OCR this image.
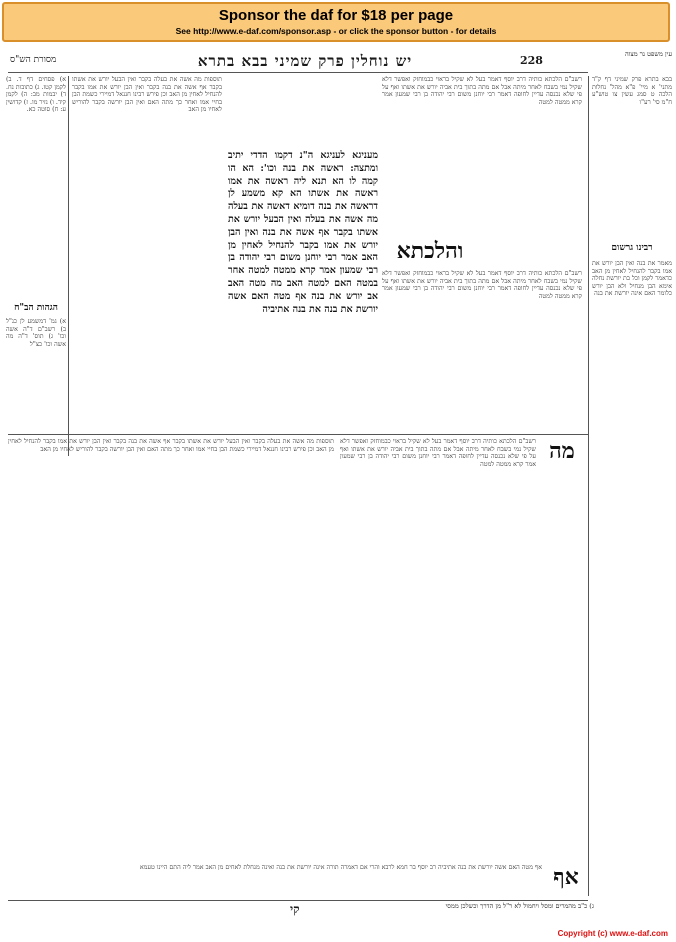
Sponsor the daf for $18 per page
See http://www.e-daf.com/sponsor.asp - or click the sponsor button - for details
מסורת הש"ס	יש נוחלין פרק שמיני בבא בתרא	228	עין משפט נר מצוה
א) פסחים דף ד. ב) לקמן קטז. ג) כתובות נח. ד) יבמות מב: ה) לקמן קיד. ו) נזיר מו. ז) קדושין ע: ח) סוטה כא.
הגהות הב"ח
א) גמ' דמשמע לן כנ"ל ב) רשב"ם ד"ה אשה וכו' ג) תוס' ד"ה מה אשה וכו' כצ"ל
תוספות מה אשה את בעלה בקבר ואין הבעל יורש את אשתו בקבר אף אשה את בנה בקבר ואין הבן יורש את אמו בקבר להנחיל לאחין מן האב וכן פירש רבינו חננאל דמיירי כשמת הבן בחיי אמו ואחר כך מתה האם ואין הבן יורשה בקבר להוריש לאחיו מן האב
מעניגא לעניגא ה"נ דקמו הדדי יתיב ומתצה: ראשה את בנה וכו': הא הו קמה לו הא תנא ליה ראשה את אמו ראשה את אשתו הא קא משמע לן דראשה את בנה דומיא דאשה את בעלה מה אשה את בעלה ואין הבעל יורש את אשתו בקבר אף אשה את בנה ואין הבן יורש את אמו בקבר להנחיל לאחין מן האב אמר רבי יוחנן משום רבי יהודה בן רבי שמעון אמר קרא ממטה למטה אחר במטה האם למטה האב מה מטה האב אב יורש את בנה אף מטה האם אשה יורשת את בנה את בנה אתיביה
והלכתא
רשב"ם הלכתא כותיה דרב יוסף דאמר בעל לא שקיל בראוי כבמוחזק ואפשר דלא שקיל נמי בשבח לאחר מיתה אבל אם מתה בתוך בית אביה יורש את אשתו ואף על פי שלא נכנסה עדיין לחופה דאמר רבי יוחנן משום רבי יהודה בן רבי שמעון אמר קרא ממטה למטה
רשב"ם הלכתא כותיה דרב יוסף דאמר בעל לא שקיל בראוי כבמוחזק ואפשר דלא שקיל נמי בשבח לאחר מיתה אבל אם מתה בתוך בית אביה יורש את אשתו ואף על פי שלא נכנסה עדיין לחופה דאמר רבי יוחנן משום רבי יהודה בן רבי שמעון אמר קרא ממטה למטה
בבא בתרא פרק שמיני דף ק"ד מתני' א מיי' פ"א מהל' נחלות הלכה ט סמג עשין צו טוש"ע ח"מ סי' רע"ו
רבינו גרשום
מאמר את בנה ואין הבן יורש את אמו בקבר להנחיל לאחין מן האב כדאמר לקמן וכל בת יורשת נחלה אימא הבן מנחיל ולא הבן יורש כלומר האם אינה יורשת את בנה
תוספות מה אשה את בעלה בקבר ואין הבעל יורש את אשתו בקבר אף אשה את בנה בקבר ואין הבן יורש את אמו בקבר להנחיל לאחין מן האב וכן פירש רבינו חננאל דמיירי כשמת הבן בחיי אמו ואחר כך מתה האם ואין הבן יורשה בקבר להוריש לאחיו מן האב	מה
רשב"ם הלכתא כותיה דרב יוסף דאמר בעל לא שקיל בראוי כבמוחזק ואפשר דלא שקיל נמי בשבח לאחר מיתה אבל אם מתה בתוך בית אביה יורש את אשתו ואף על פי שלא נכנסה עדיין לחופה דאמר רבי יוחנן משום רבי יהודה בן רבי שמעון אמר קרא ממטה למטה
אף
אף מטה האם אשה יורשת את בנה אתיביה רב יוסף בר חמא לרבא והרי אם דאמרה תורה אינה יורשת את בנה ואינה מנחלת לאחים מן האב אמר ליה התם היינו טעמא
ג) כ"ב מהמרים ומסל ויחמול לא ר"ל מן הדרך וכשלכן ממסי
קי
Copyright (c) www.e-daf.com
